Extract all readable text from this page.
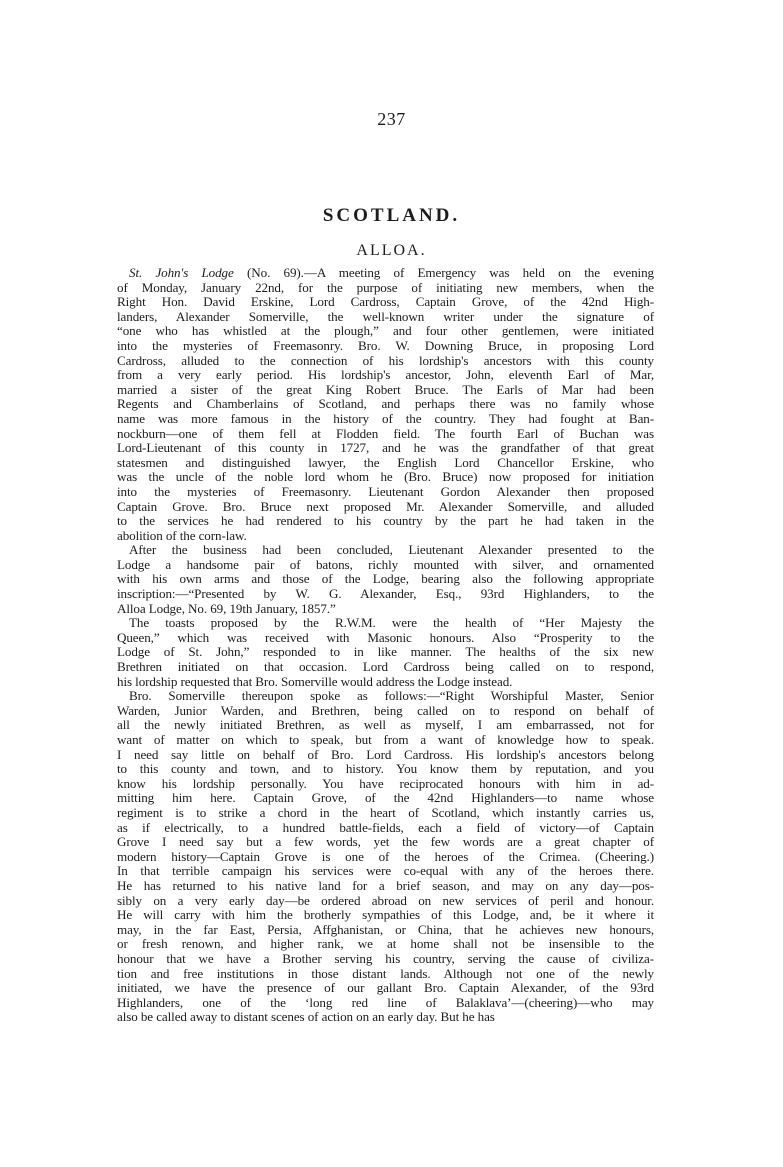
237
SCOTLAND.
ALLOA.
St. John's Lodge (No. 69).—A meeting of Emergency was held on the evening
of Monday, January 22nd, for the purpose of initiating new members, when the
Right Hon. David Erskine, Lord Cardross, Captain Grove, of the 42nd High-
landers, Alexander Somerville, the well-known writer under the signature of
“one who has whistled at the plough,” and four other gentlemen, were initiated
into the mysteries of Freemasonry. Bro. W. Downing Bruce, in proposing Lord
Cardross, alluded to the connection of his lordship's ancestors with this county
from a very early period. His lordship's ancestor, John, eleventh Earl of Mar,
married a sister of the great King Robert Bruce. The Earls of Mar had been
Regents and Chamberlains of Scotland, and perhaps there was no family whose
name was more famous in the history of the country. They had fought at Ban-
nockburn—one of them fell at Flodden field. The fourth Earl of Buchan was
Lord-Lieutenant of this county in 1727, and he was the grandfather of that great
statesmen and distinguished lawyer, the English Lord Chancellor Erskine, who
was the uncle of the noble lord whom he (Bro. Bruce) now proposed for initiation
into the mysteries of Freemasonry. Lieutenant Gordon Alexander then proposed
Captain Grove. Bro. Bruce next proposed Mr. Alexander Somerville, and alluded
to the services he had rendered to his country by the part he had taken in the
abolition of the corn-law.
After the business had been concluded, Lieutenant Alexander presented to the
Lodge a handsome pair of batons, richly mounted with silver, and ornamented
with his own arms and those of the Lodge, bearing also the following appropriate
inscription:—“Presented by W. G. Alexander, Esq., 93rd Highlanders, to the
Alloa Lodge, No. 69, 19th January, 1857.”
The toasts proposed by the R.W.M. were the health of “Her Majesty the
Queen,” which was received with Masonic honours. Also “Prosperity to the
Lodge of St. John,” responded to in like manner. The healths of the six new
Brethren initiated on that occasion. Lord Cardross being called on to respond,
his lordship requested that Bro. Somerville would address the Lodge instead.
Bro. Somerville thereupon spoke as follows:—“Right Worshipful Master, Senior
Warden, Junior Warden, and Brethren, being called on to respond on behalf of
all the newly initiated Brethren, as well as myself, I am embarrassed, not for
want of matter on which to speak, but from a want of knowledge how to speak.
I need say little on behalf of Bro. Lord Cardross. His lordship's ancestors belong
to this county and town, and to history. You know them by reputation, and you
know his lordship personally. You have reciprocated honours with him in ad-
mitting him here. Captain Grove, of the 42nd Highlanders—to name whose
regiment is to strike a chord in the heart of Scotland, which instantly carries us,
as if electrically, to a hundred battle-fields, each a field of victory—of Captain
Grove I need say but a few words, yet the few words are a great chapter of
modern history—Captain Grove is one of the heroes of the Crimea. (Cheering.)
In that terrible campaign his services were co-equal with any of the heroes there.
He has returned to his native land for a brief season, and may on any day—pos-
sibly on a very early day—be ordered abroad on new services of peril and honour.
He will carry with him the brotherly sympathies of this Lodge, and, be it where it
may, in the far East, Persia, Affghanistan, or China, that he achieves new honours,
or fresh renown, and higher rank, we at home shall not be insensible to the
honour that we have a Brother serving his country, serving the cause of civiliza-
tion and free institutions in those distant lands. Although not one of the newly
initiated, we have the presence of our gallant Bro. Captain Alexander, of the 93rd
Highlanders, one of the ‘long red line of Balaklava’—(cheering)—who may
also be called away to distant scenes of action on an early day. But he has
